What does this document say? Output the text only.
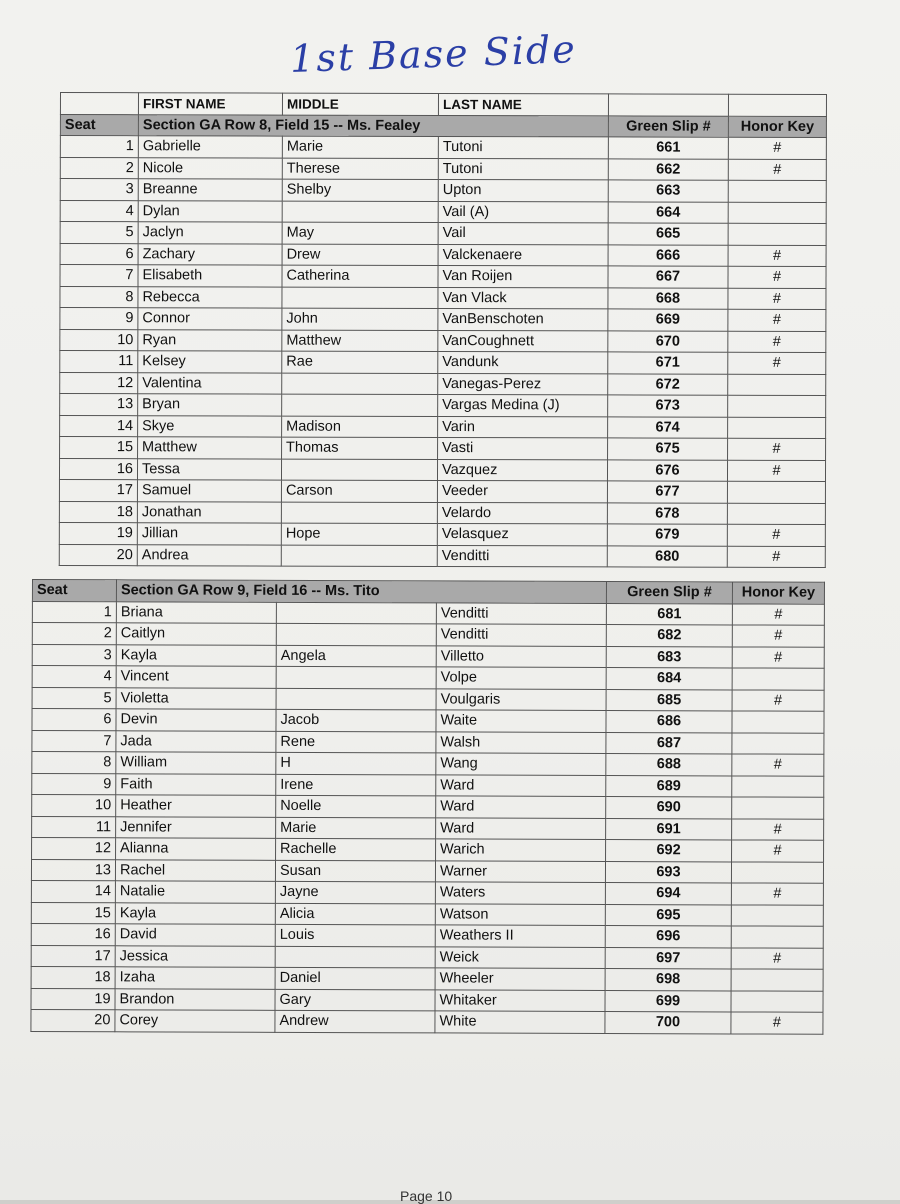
1st Base Side
	FIRST NAME	MIDDLE	LAST NAME		
Seat	Section GA Row 8, Field 15 -- Ms. Fealey			Green Slip #	Honor Key
1	Gabrielle	Marie	Tutoni	661	#
2	Nicole	Therese	Tutoni	662	#
3	Breanne	Shelby	Upton	663	
4	Dylan		Vail (A)	664	
5	Jaclyn	May	Vail	665	
6	Zachary	Drew	Valckenaere	666	#
7	Elisabeth	Catherina	Van Roijen	667	#
8	Rebecca		Van Vlack	668	#
9	Connor	John	VanBenschoten	669	#
10	Ryan	Matthew	VanCoughnett	670	#
11	Kelsey	Rae	Vandunk	671	#
12	Valentina		Vanegas-Perez	672	
13	Bryan		Vargas Medina (J)	673	
14	Skye	Madison	Varin	674	
15	Matthew	Thomas	Vasti	675	#
16	Tessa		Vazquez	676	#
17	Samuel	Carson	Veeder	677	
18	Jonathan		Velardo	678	
19	Jillian	Hope	Velasquez	679	#
20	Andrea		Venditti	680	#
Seat	Section GA Row 9, Field 16 -- Ms. Tito			Green Slip #	Honor Key
1	Briana		Venditti	681	#
2	Caitlyn		Venditti	682	#
3	Kayla	Angela	Villetto	683	#
4	Vincent		Volpe	684	
5	Violetta		Voulgaris	685	#
6	Devin	Jacob	Waite	686	
7	Jada	Rene	Walsh	687	
8	William	H	Wang	688	#
9	Faith	Irene	Ward	689	
10	Heather	Noelle	Ward	690	
11	Jennifer	Marie	Ward	691	#
12	Alianna	Rachelle	Warich	692	#
13	Rachel	Susan	Warner	693	
14	Natalie	Jayne	Waters	694	#
15	Kayla	Alicia	Watson	695	
16	David	Louis	Weathers II	696	
17	Jessica		Weick	697	#
18	Izaha	Daniel	Wheeler	698	
19	Brandon	Gary	Whitaker	699	
20	Corey	Andrew	White	700	#
Page 10
